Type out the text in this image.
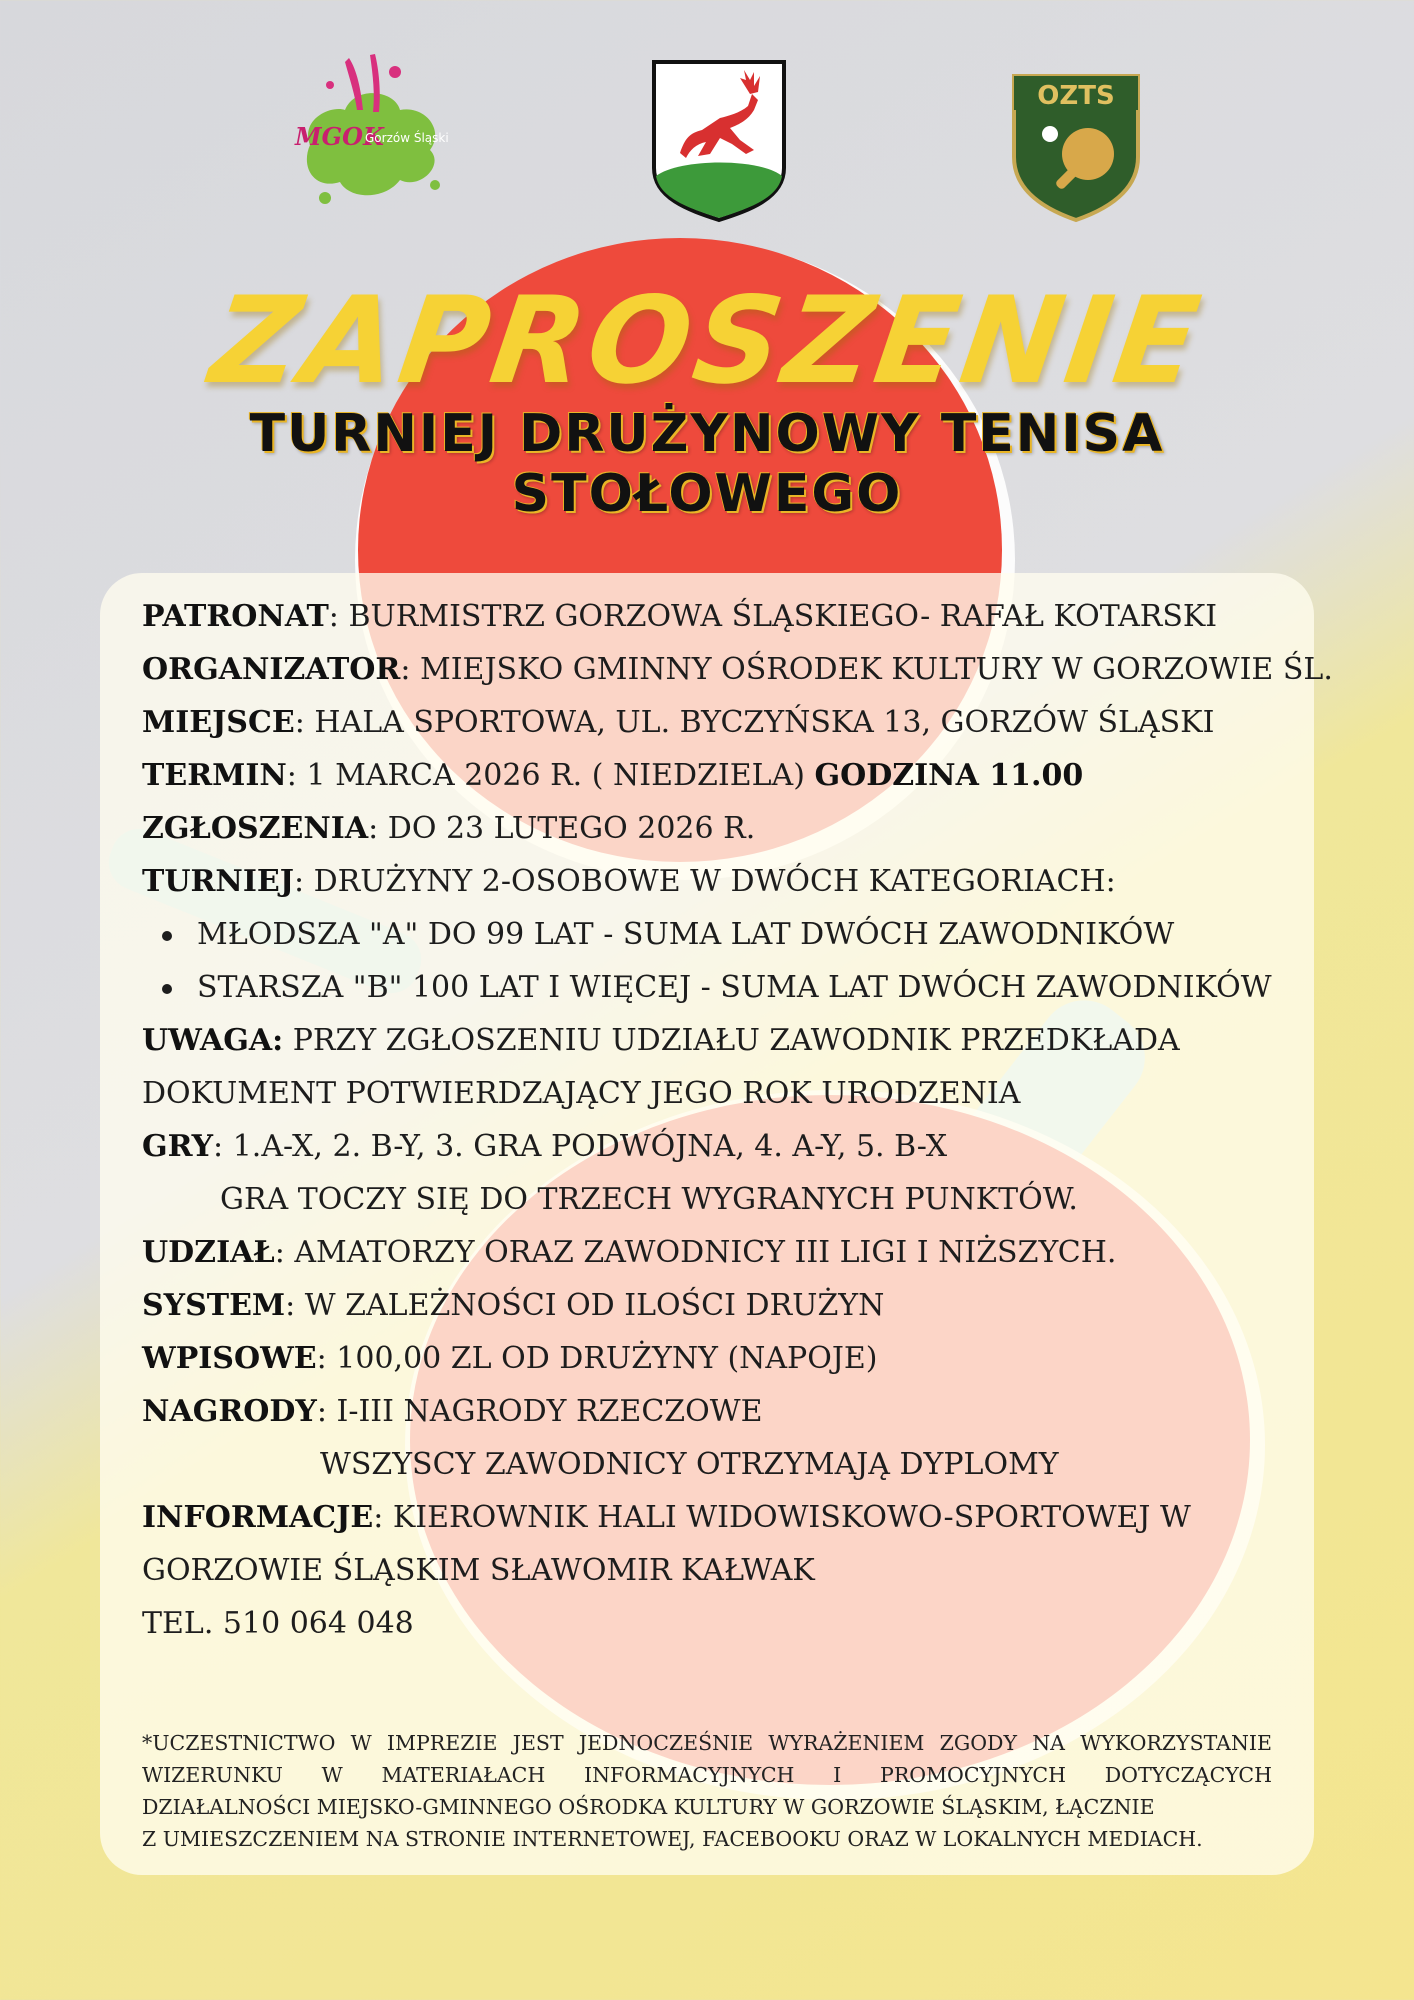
MGOK
Gorzów Śląski
OZTS
ZAPROSZENIE
TURNIEJ DRUŻYNOWY TENISA
STOŁOWEGO
PATRONAT: BURMISTRZ GORZOWA ŚLĄSKIEGO- RAFAŁ KOTARSKI
ORGANIZATOR: MIEJSKO GMINNY OŚRODEK KULTURY W GORZOWIE ŚL.
MIEJSCE: HALA SPORTOWA, UL. BYCZYŃSKA 13, GORZÓW ŚLĄSKI
TERMIN: 1 MARCA 2026 R. ( NIEDZIELA) GODZINA 11.00
ZGŁOSZENIA: DO 23 LUTEGO 2026 R.
TURNIEJ: DRUŻYNY 2-OSOBOWE W DWÓCH KATEGORIACH:
MŁODSZA "A" DO 99 LAT - SUMA LAT DWÓCH ZAWODNIKÓW
STARSZA "B" 100 LAT I WIĘCEJ - SUMA LAT DWÓCH ZAWODNIKÓW
UWAGA: PRZY ZGŁOSZENIU UDZIAŁU ZAWODNIK PRZEDKŁADA
DOKUMENT POTWIERDZAJĄCY JEGO ROK URODZENIA
GRY: 1.A-X, 2. B-Y, 3. GRA PODWÓJNA, 4. A-Y, 5. B-X
GRA TOCZY SIĘ DO TRZECH WYGRANYCH PUNKTÓW.
UDZIAŁ: AMATORZY ORAZ ZAWODNICY III LIGI I NIŻSZYCH.
SYSTEM: W ZALEŻNOŚCI OD ILOŚCI DRUŻYN
WPISOWE: 100,00 ZL OD DRUŻYNY (NAPOJE)
NAGRODY: I-III NAGRODY RZECZOWE
WSZYSCY ZAWODNICY OTRZYMAJĄ DYPLOMY
INFORMACJE: KIEROWNIK HALI WIDOWISKOWO-SPORTOWEJ W
GORZOWIE ŚLĄSKIM SŁAWOMIR KAŁWAK
TEL. 510 064 048
*UCZESTNICTWO W IMPREZIE JEST JEDNOCZEŚNIE WYRAŻENIEM ZGODY NA WYKORZYSTANIE
WIZERUNKU W MATERIAŁACH INFORMACYJNYCH I PROMOCYJNYCH DOTYCZĄCYCH
DZIAŁALNOŚCI MIEJSKO-GMINNEGO OŚRODKA KULTURY W GORZOWIE ŚLĄSKIM, ŁĄCZNIE
Z UMIESZCZENIEM NA STRONIE INTERNETOWEJ, FACEBOOKU ORAZ W LOKALNYCH MEDIACH.
